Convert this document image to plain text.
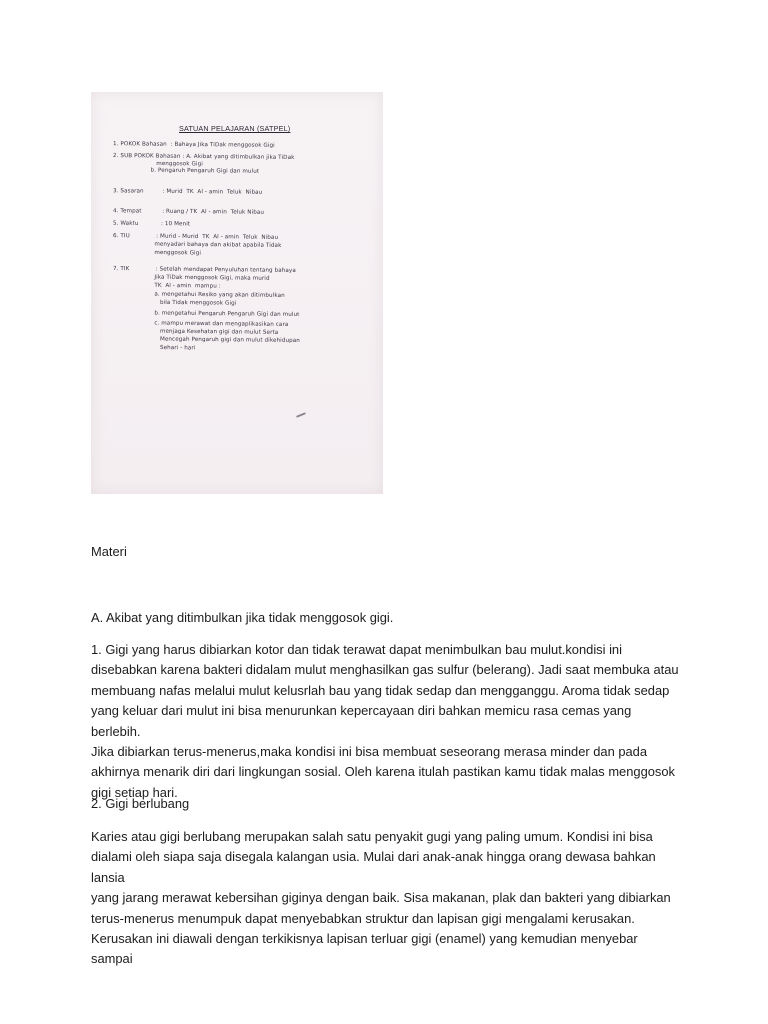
SATUAN PELAJARAN (SATPEL)
1. POKOK Bahasan  : Bahaya Jika TiDak menggosok Gigi
2. SUB POKOK Bahasan : A. Akibat yang ditimbulkan jika TiDak
menggosok Gigi
b. Pengaruh Pengaruh Gigi dan mulut
3. Sasaran          : Murid  TK  Al - amin  Teluk  Nibau
4. Tempat           : Ruang / TK  Al - amin  Teluk Nibau
5. Waktu            : 10 Menit
6. TIU              : Murid - Murid  TK  Al - amin  Teluk  Nibau
menyadari bahaya dan akibat apabila Tidak
menggosok Gigi
7. TIK              : Setelah mendapat Penyuluhan tentang bahaya
Jika TiDak menggosok Gigi, maka murid
TK  Al - amin  mampu :
a. mengetahui Resiko yang akan ditimbulkan
bila Tidak menggosok Gigi
b. mengetahui Pengaruh Pengaruh Gigi dan mulut
c. mampu merawat dan mengaplikasikan cara
menjaga Kesehatan gigi dan mulut Serta
Mencegah Pengaruh gigi dan mulut dikehidupan
Sehari - hari
Materi
A. Akibat yang ditimbulkan jika tidak menggosok gigi.

1. Gigi yang harus dibiarkan kotor dan tidak terawat dapat menimbulkan bau mulut.kondisi ini

disebabkan karena bakteri didalam mulut menghasilkan gas sulfur (belerang). Jadi saat membuka atau

membuang nafas melalui mulut kelusrlah bau yang tidak sedap dan mengganggu. Aroma tidak sedap

yang keluar dari mulut ini bisa menurunkan kepercayaan diri bahkan memicu rasa cemas yang berlebih.

Jika dibiarkan terus-menerus,maka kondisi ini bisa membuat seseorang merasa minder dan pada

akhirnya menarik diri dari lingkungan sosial. Oleh karena itulah pastikan kamu tidak malas menggosok

gigi setiap hari.

2. Gigi berlubang

Karies atau gigi berlubang merupakan salah satu penyakit gugi yang paling umum. Kondisi ini bisa

dialami oleh siapa saja disegala kalangan usia. Mulai dari anak-anak hingga orang dewasa bahkan lansia

yang jarang merawat kebersihan giginya dengan baik. Sisa makanan, plak dan bakteri yang dibiarkan

terus-menerus menumpuk dapat menyebabkan struktur dan lapisan gigi mengalami kerusakan.

Kerusakan ini diawali dengan terkikisnya lapisan terluar gigi (enamel) yang kemudian menyebar sampai
